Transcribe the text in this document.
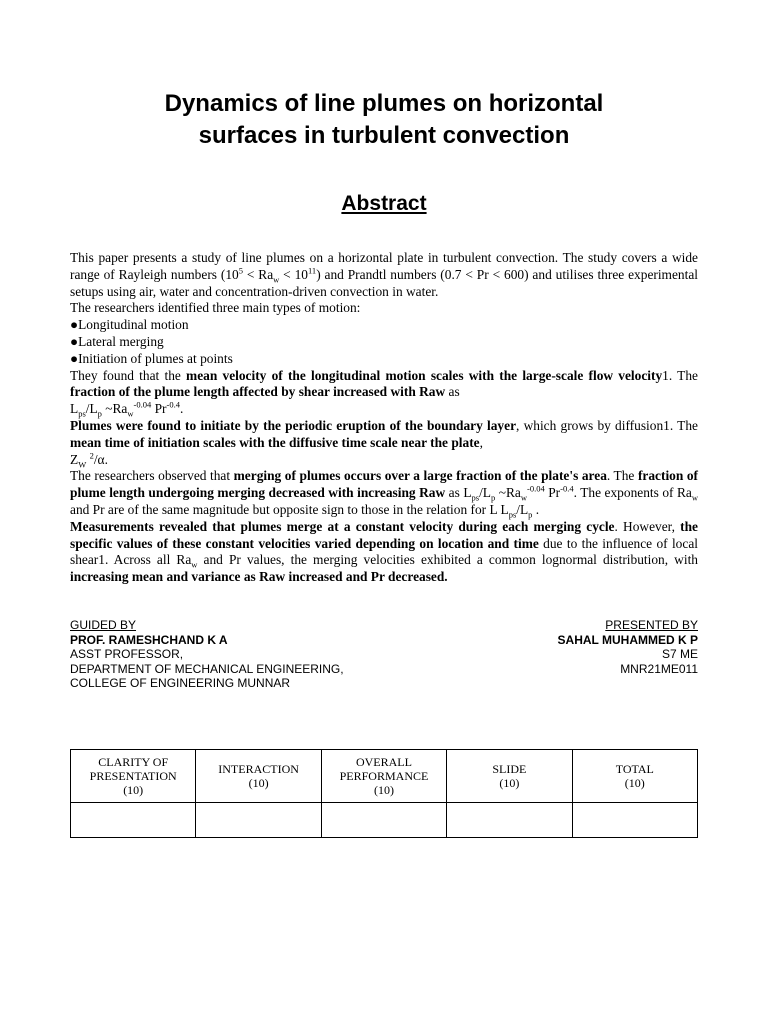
Dynamics of line plumes on horizontal
surfaces in turbulent convection
Abstract

This paper presents a study of line plumes on a horizontal plate in turbulent convection. The study covers a wide range of Rayleigh numbers $(10^5 < Ra_w < 10^{11})$ and Prandtl numbers (0.7 < Pr < 600) and utilises three experimental setups using air, water and concentration-driven convection in water.

The researchers identified three main types of motion:

●Longitudinal motion

●Lateral merging

●Initiation of plumes at points

They found that the mean velocity of the longitudinal motion scales with the large-scale flow velocity1. The fraction of the plume length affected by shear increased with Raw as

$L_{ps}/L_p$ $\sim Ra_w^{-0.04}$ $Pr^{-0.4}$.

Plumes were found to initiate by the periodic eruption of the boundary layer, which grows by diffusion1. The mean time of initiation scales with the diffusive time scale near the plate,

$Z_W$ $^2$/α.

The researchers observed that merging of plumes occurs over a large fraction of the plate's area. The fraction of plume length undergoing merging decreased with increasing Raw as $L_{ps}/L_p$ $\sim Ra_w^{-0.04}$ $Pr^{-0.4}$. The exponents of $Ra_w$ and Pr are of the same magnitude but opposite sign to those in the relation for L $L_{ps}/L_p$ .

Measurements revealed that plumes merge at a constant velocity during each merging cycle. However, the specific values of these constant velocities varied depending on location and time due to the influence of local shear1. Across all $Ra_w$ and Pr values, the merging velocities exhibited a common lognormal distribution, with increasing mean and variance as Raw increased and Pr decreased.

GUIDED BY	PRESENTED BY
PROF. RAMESHCHAND K A	SAHAL MUHAMMED K P
ASST PROFESSOR,	S7 ME
DEPARTMENT OF MECHANICAL ENGINEERING,	MNR21ME011
COLLEGE OF ENGINEERING MUNNAR
CLARITY OF
PRESENTATION
(10)	INTERACTION
(10)	OVERALL
PERFORMANCE
(10)	SLIDE
(10)	TOTAL
(10)
